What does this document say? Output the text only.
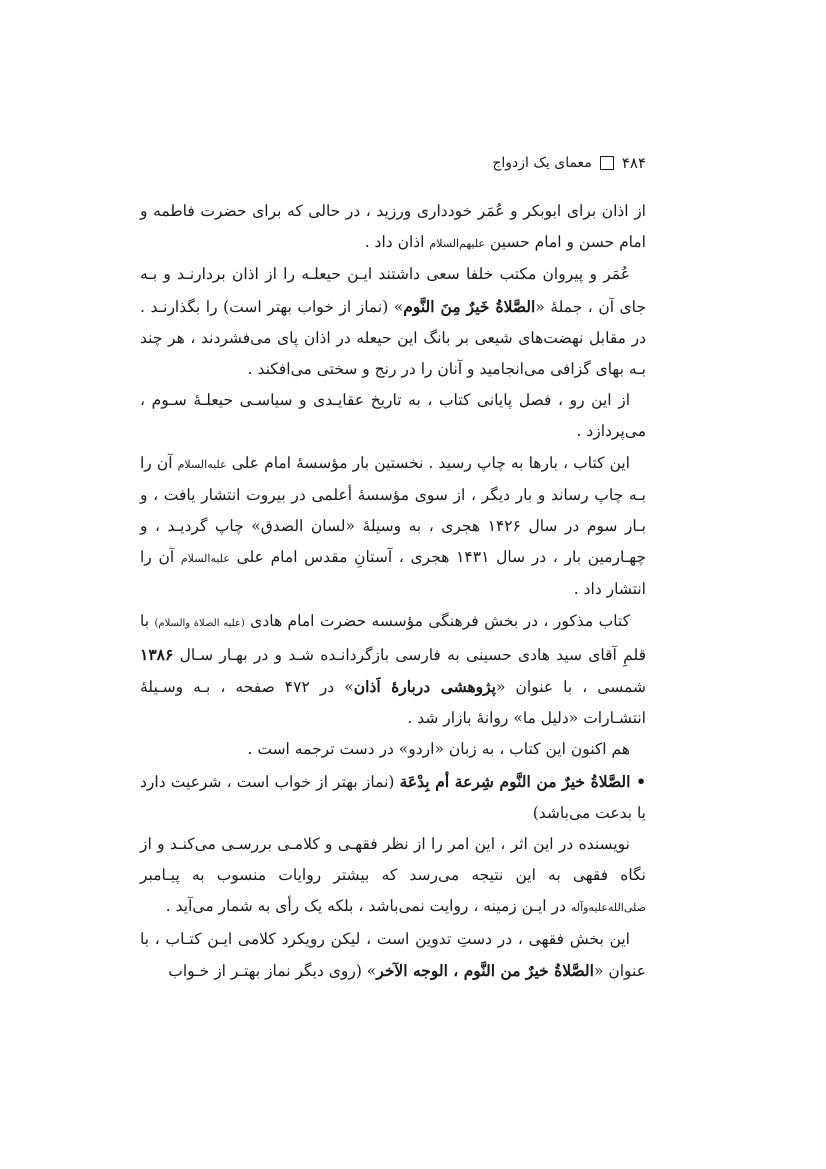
۴۸۴
معمای یک ازدواج

از اذان برای ابوبکر و عُمَر خودداری ورزید ، در حالی که برای حضرت فاطمه و امام حسن و امام حسین علیهم‌السلام اذان داد .

عُمَر و پیروان مکتب خلفا سعی داشتند ایـن حیعلـه را از اذان بردارنـد و بـه جای آن ، جملهٔ «الصَّلاةُ خَيرٌ مِنَ النَّوم» (نماز از خواب بهتر است) را بگذارنـد . در مقابل نهضت‌های شیعی بر بانگ این حیعله در اذان پای می‌فشردند ، هر چند بـه بهای گزافی می‌انجامید و آنان را در رنج و سختی می‌افکند .

از این رو ، فصل پایانی کتاب ، به تاریخ عقایـدی و سیاسـی حیعلـهٔ سـوم ، می‌پردازد .

این کتاب ، بارها به چاپ رسید . نخستین بار مؤسسهٔ امام علی علیه‌السلام آن را بـه چاپ رساند و بار دیگر ، از سوی مؤسسهٔ أعلمی در بیروت انتشار یافت ، و بـار سوم در سال ۱۴۲۶ هجری ، به وسیلهٔ «لسان الصدق» چاپ گردیـد ، و چهـارمین بار ، در سال ۱۴۳۱ هجری ، آستانِ مقدس امام علی علیه‌السلام آن را انتشار داد .

کتاب مذکور ، در بخش فرهنگی مؤسسه حضرت امام هادی (علیه الصلاة والسلام) با قلمِ آقای سید هادی حسینی به فارسی بازگردانـده شـد و در بهـار سـال ۱۳۸۶ شمسی ، با عنوان «پژوهشی دربارهٔ اَذان» در ۴۷۲ صفحه ، بـه وسـیلهٔ انتشـارات «دلیل ما» روانهٔ بازار شد .

هم اکنون این کتاب ، به زبان «اردو» در دست ترجمه است .

• الصَّلاةُ خيرٌ من النَّوم شِرعة أم بِدْعَة (نماز بهتر از خواب است ، شرعیت دارد یا بدعت می‌باشد)

نویسنده در این اثر ، این امر را از نظر فقهـی و کلامـی بررسـی می‌کنـد و از نگاه فقهی به این نتیجه می‌رسد که بیشتر روایات منسوب به پیـامبر صلی‌الله‌علیه‌وآله در ایـن زمینه ، روایت نمی‌باشد ، بلکه یک رأی به شمار می‌آید .

این بخش فقهی ، در دستِ تدوین است ، لیکن رویکرد کلامی ایـن کتـاب ، با عنوان «الصَّلاةُ خيرٌ من النَّوم ، الوجه الآخر» (روی دیگر نماز بهتـر از خـواب
